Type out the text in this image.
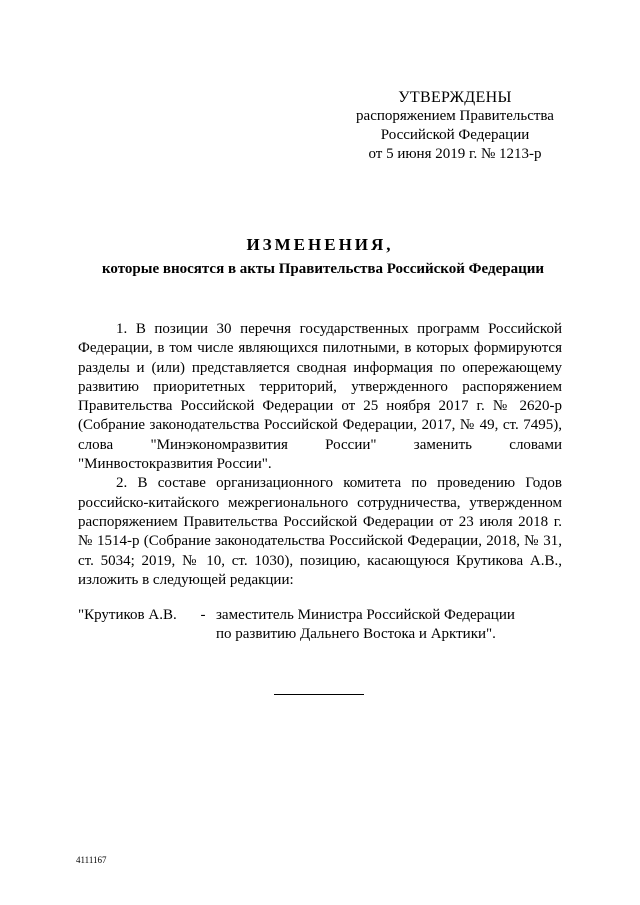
УТВЕРЖДЕНЫ
распоряжением Правительства
Российской Федерации
от 5 июня 2019 г. № 1213-р
ИЗМЕНЕНИЯ,
которые вносятся в акты Правительства Российской Федерации

1. В позиции 30 перечня государственных программ Российской Федерации, в том числе являющихся пилотными, в которых формируются разделы и (или) представляется сводная информация по опережающему развитию приоритетных территорий, утвержденного распоряжением Правительства Российской Федерации от 25 ноября 2017 г. № 2620-р (Собрание законодательства Российской Федерации, 2017, № 49, ст. 7495), слова "Минэкономразвития России" заменить словами "Минвостокразвития России".

2. В составе организационного комитета по проведению Годов российско-китайского межрегионального сотрудничества, утвержденном распоряжением Правительства Российской Федерации от 23 июля 2018 г. № 1514-р (Собрание законодательства Российской Федерации, 2018, № 31, ст. 5034; 2019, № 10, ст. 1030), позицию, касающуюся Крутикова А.В., изложить в следующей редакции:

"Крутиков А.В.	- заместитель Министра Российской Федерации
по развитию Дальнего Востока и Арктики".
4111167
